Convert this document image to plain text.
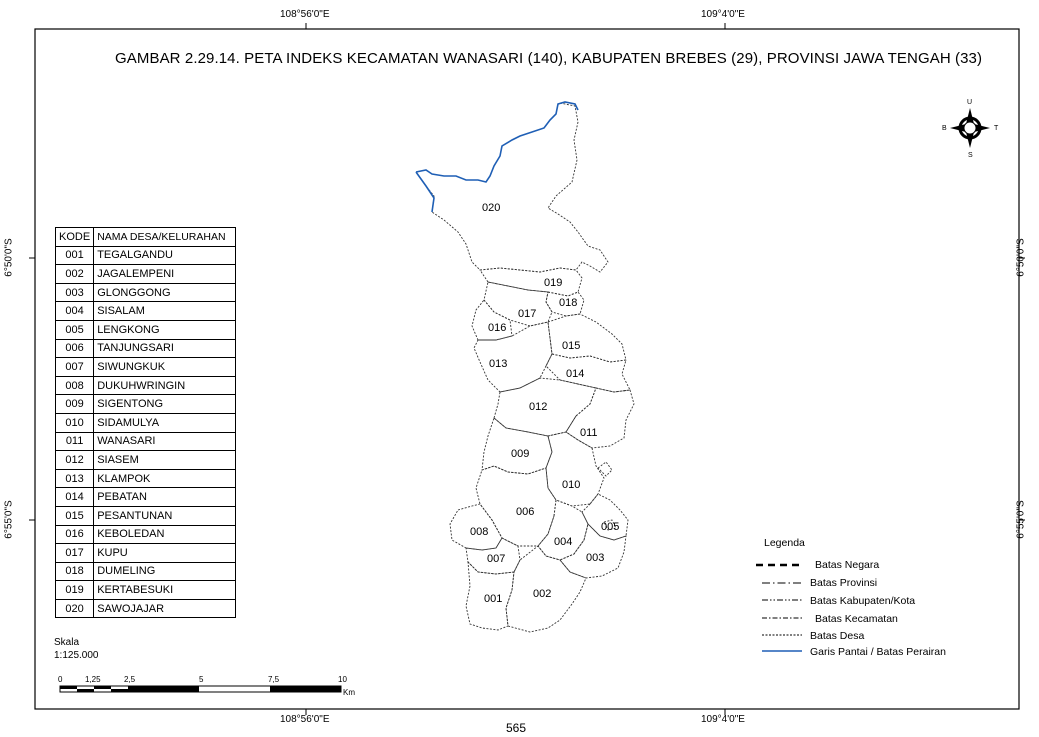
020
019
018
017
016
015
013
014
012
011
009
010
006
005
008
004
003
007
001	002
108°56'0"E	109°4'0"E
108°56'0"E	109°4'0"E
6°50'0"S
6°55'0"S
6°50'0"S
6°55'0"S
GAMBAR 2.29.14. PETA INDEKS KECAMATAN WANASARI (140), KABUPATEN BREBES (29), PROVINSI JAWA TENGAH (33)
U
S
B	T
KODE	NAMA DESA/KELURAHAN
001	TEGALGANDU
002	JAGALEMPENI
003	GLONGGONG
004	SISALAM
005	LENGKONG
006	TANJUNGSARI
007	SIWUNGKUK
008	DUKUHWRINGIN
009	SIGENTONG
010	SIDAMULYA
011	WANASARI
012	SIASEM
013	KLAMPOK
014	PEBATAN
015	PESANTUNAN
016	KEBOLEDAN
017	KUPU
018	DUMELING
019	KERTABESUKI
020	SAWOJAJAR
Skala
1:125.000
0	1,25	2,5	5	7,5	10
Km
Legenda
Batas Negara
Batas Provinsi
Batas Kabupaten/Kota
Batas Kecamatan
Batas Desa
Garis Pantai / Batas Perairan
565
